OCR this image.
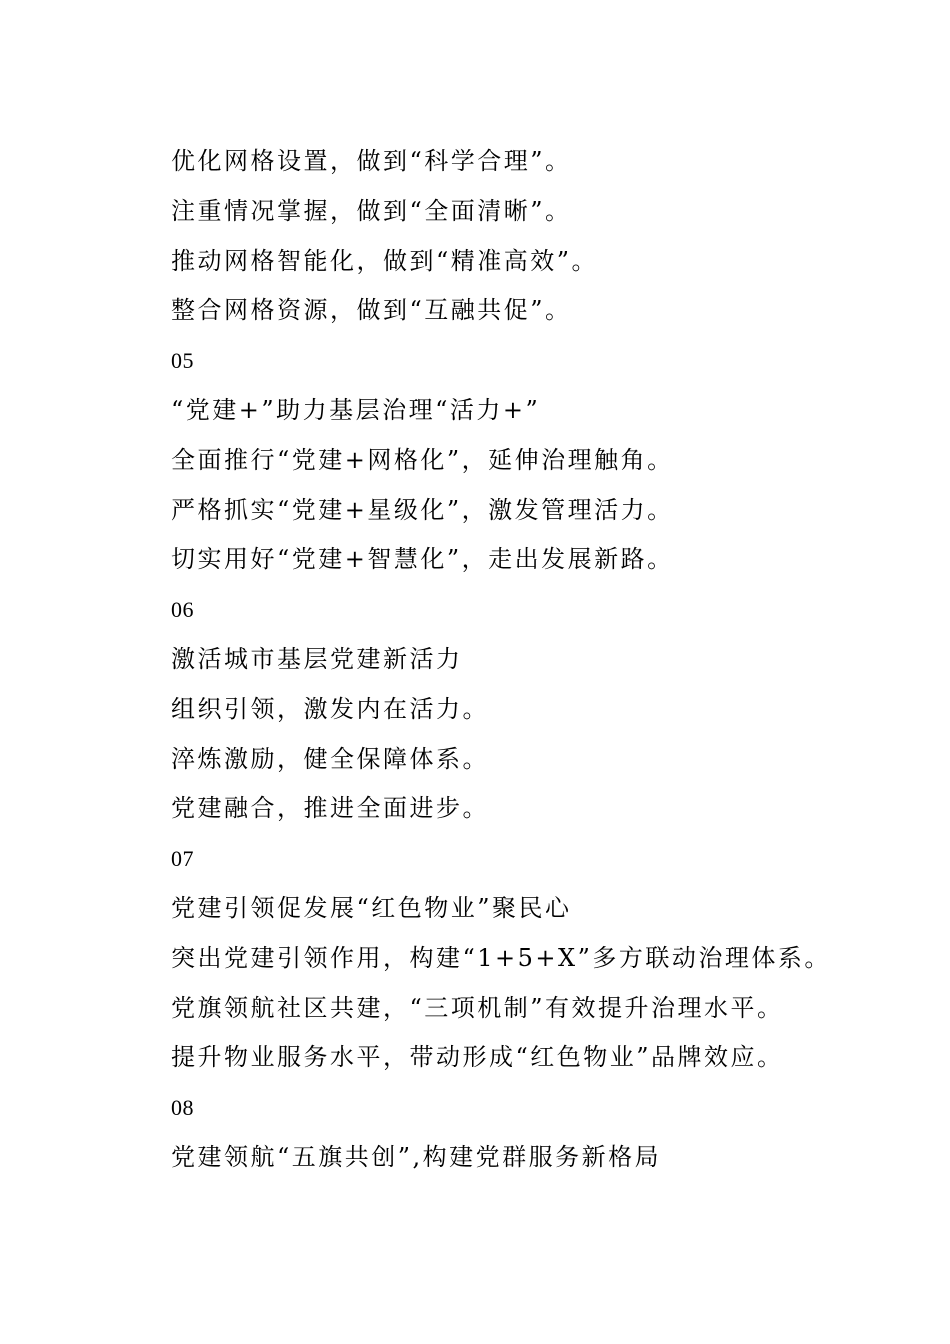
优化网格设置，做到“科学合理”。
注重情况掌握，做到“全面清晰”。
推动网格智能化，做到“精准高效”。
整合网格资源，做到“互融共促”。
05
“党建+”助力基层治理“活力+”
全面推行“党建+网格化”，延伸治理触角。
严格抓实“党建+星级化”，激发管理活力。
切实用好“党建+智慧化”，走出发展新路。
06
激活城市基层党建新活力
组织引领，激发内在活力。
淬炼激励，健全保障体系。
党建融合，推进全面进步。
07
党建引领促发展“红色物业”聚民心
突出党建引领作用，构建“1+5+X”多方联动治理体系。
党旗领航社区共建，“三项机制”有效提升治理水平。
提升物业服务水平，带动形成“红色物业”品牌效应。
08
党建领航“五旗共创”,构建党群服务新格局
